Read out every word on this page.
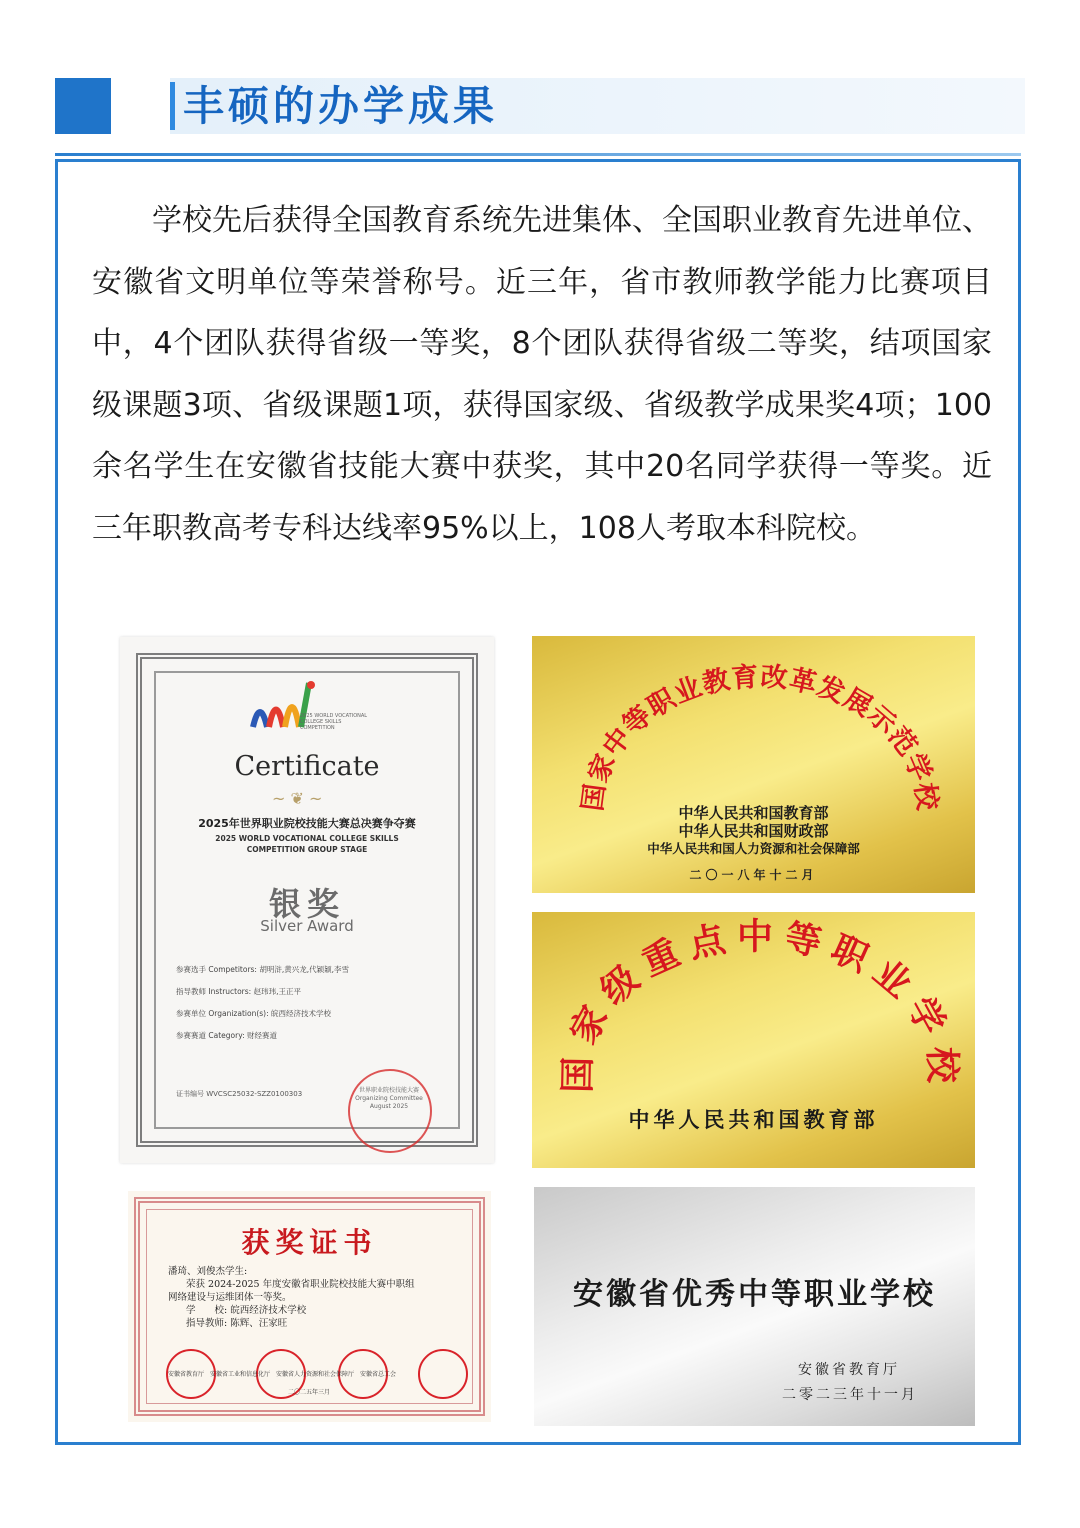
丰硕的办学成果

学校先后获得全国教育系统先进集体、全国职业教育先进单位、安徽省文明单位等荣誉称号。近三年，省市教师教学能力比赛项目中，4个团队获得省级一等奖，8个团队获得省级二等奖，结项国家级课题3项、省级课题1项，获得国家级、省级教学成果奖4项；100余名学生在安徽省技能大赛中获奖，其中20名同学获得一等奖。近三年职教高考专科达线率95%以上，108人考取本科院校。

2025 WORLD VOCATIONAL COLLEGE SKILLS COMPETITION
Certificate
~ ❦ ~
2025年世界职业院校技能大赛总决赛争夺赛
2025 WORLD VOCATIONAL COLLEGE SKILLS
COMPETITION GROUP STAGE
银奖
Silver Award
参赛选手 Competitors: 胡明浒,黄兴龙,代颖颖,李雪
指导教师 Instructors: 赵玮玮,王正平
参赛单位 Organization(s): 皖西经济技术学校
参赛赛道 Category: 财经赛道
证书编号 WVCSC25032-SZZ0100303	世界职业院校技能大赛 Organizing Committee
August 2025
国家中等职业教育改革发展示范学校
中华人民共和国教育部
中华人民共和国财政部
中华人民共和国人力资源和社会保障部
二〇一八年十二月
国家级重点中等职业学校
中华人民共和国教育部
安徽省优秀中等职业学校
安徽省教育厅
二零二三年十一月
获奖证书
潘琦、刘俊杰学生:
荣获 2024-2025 年度安徽省职业院校技能大赛中职组
网络建设与运维团体一等奖。
学　　校: 皖西经济技术学校
指导教师: 陈辉、汪家旺
安徽省教育厅　安徽省工业和信息化厅　安徽省人力资源和社会保障厅　安徽省总工会
二〇二五年三月
